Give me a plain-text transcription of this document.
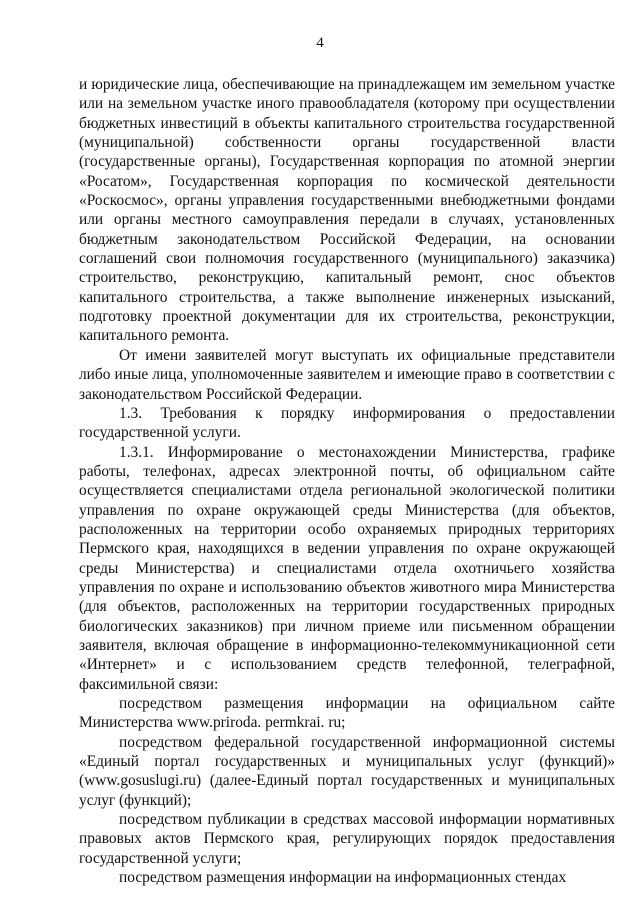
4

и юридические лица, обеспечивающие на принадлежащем им земельном участке или на земельном участке иного правообладателя (которому при осуществлении бюджетных инвестиций в объекты капитального строительства государственной (муниципальной) собственности органы государственной власти (государственные органы), Государственная корпорация по атомной энергии «Росатом», Государственная корпорация по космической деятельности «Роскосмос», органы управления государственными внебюджетными фондами или органы местного самоуправления передали в случаях, установленных бюджетным законодательством Российской Федерации, на основании соглашений свои полномочия государственного (муниципального) заказчика) строительство, реконструкцию, капитальный ремонт, снос объектов капитального строительства, а также выполнение инженерных изысканий, подготовку проектной документации для их строительства, реконструкции, капитального ремонта.

От имени заявителей могут выступать их официальные представители либо иные лица, уполномоченные заявителем и имеющие право в соответствии с законодательством Российской Федерации.

1.3. Требования к порядку информирования о предоставлении государственной услуги.

1.3.1. Информирование о местонахождении Министерства, графике работы, телефонах, адресах электронной почты, об официальном сайте осуществляется специалистами отдела региональной экологической политики управления по охране окружающей среды Министерства (для объектов, расположенных на территории особо охраняемых природных территориях Пермского края, находящихся в ведении управления по охране окружающей среды Министерства) и специалистами отдела охотничьего хозяйства управления по охране и использованию объектов животного мира Министерства (для объектов, расположенных на территории государственных природных биологических заказников) при личном приеме или письменном обращении заявителя, включая обращение в информационно-телекоммуникационной сети «Интернет» и с использованием средств телефонной, телеграфной, факсимильной связи:

посредством размещения информации на официальном сайте Министерства www.priroda. permkrai. ru;

посредством федеральной государственной информационной системы «Единый портал государственных и муниципальных услуг (функций)» (www.gosuslugi.ru) (далее-Единый портал государственных и муниципальных услуг (функций);

посредством публикации в средствах массовой информации нормативных правовых актов Пермского края, регулирующих порядок предоставления государственной услуги;

посредством размещения информации на информационных стендах
